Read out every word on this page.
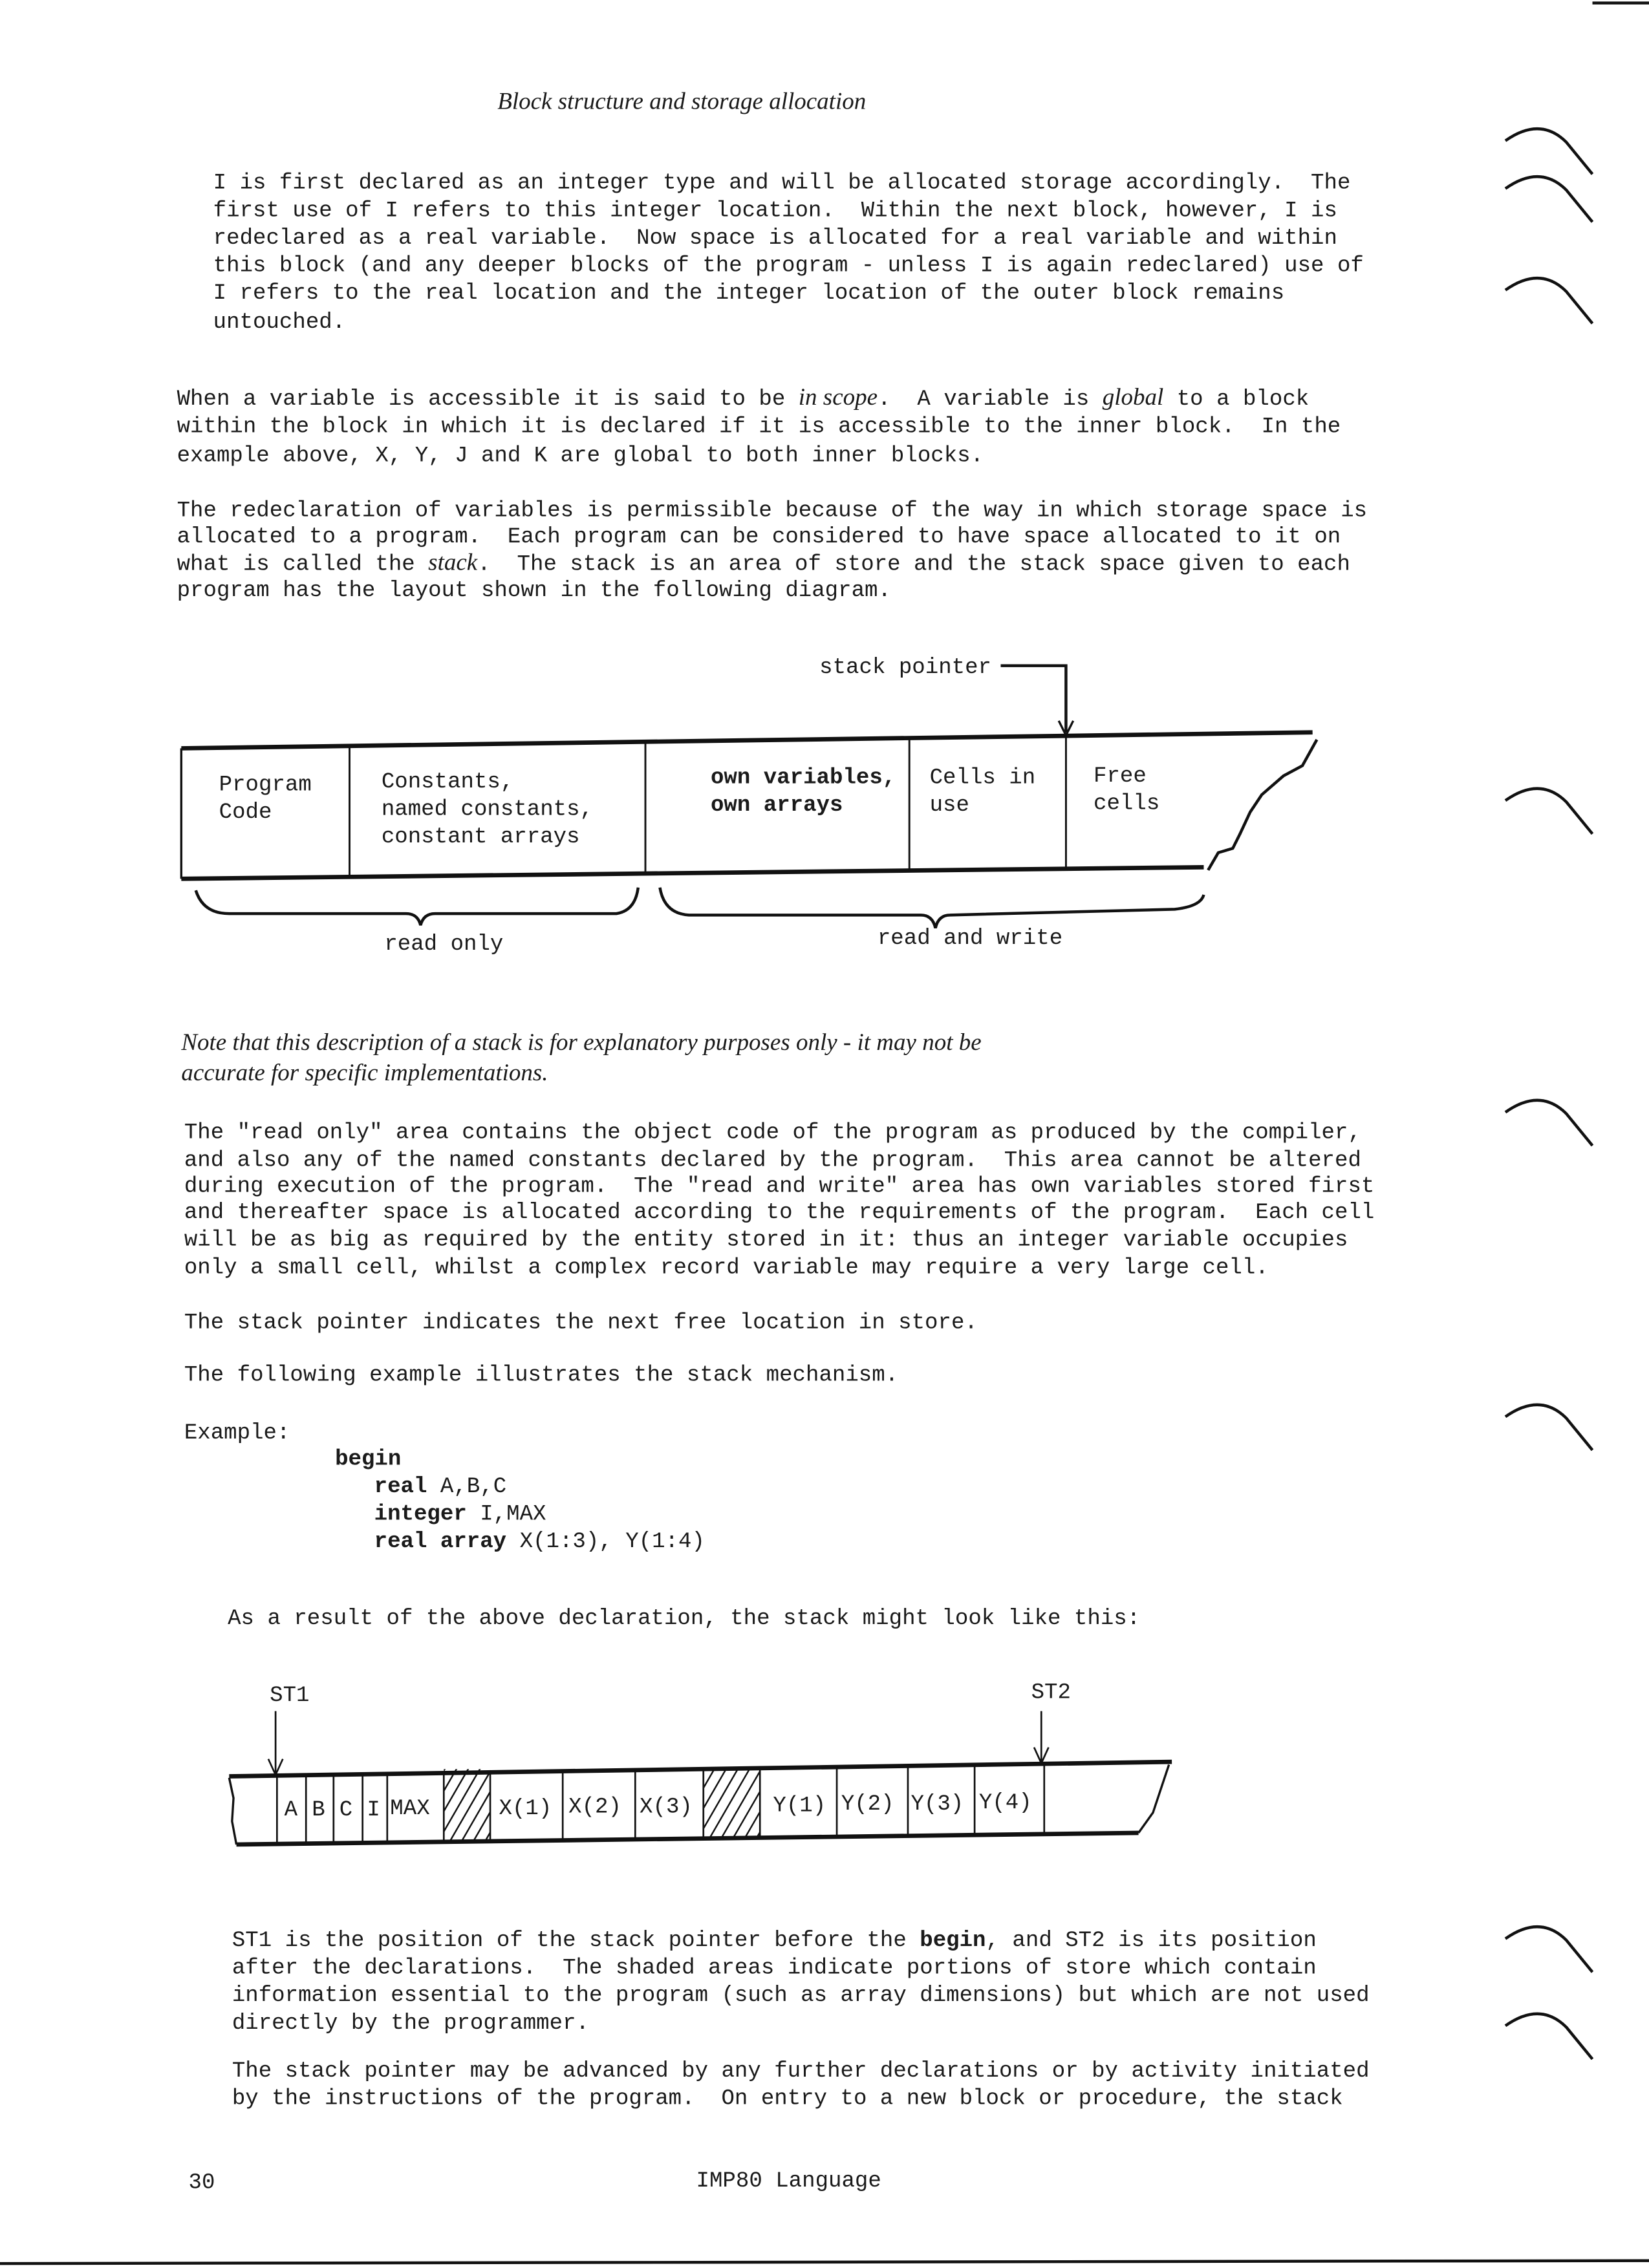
Block structure and storage allocation
I is first declared as an integer type and will be allocated storage accordingly.  The
first use of I refers to this integer location.  Within the next block, however, I is
redeclared as a real variable.  Now space is allocated for a real variable and within
this block (and any deeper blocks of the program - unless I is again redeclared) use of
I refers to the real location and the integer location of the outer block remains
untouched.
When a variable is accessible it is said to be in scope.  A variable is global to a block
within the block in which it is declared if it is accessible to the inner block.  In the
example above, X, Y, J and K are global to both inner blocks.
The redeclaration of variables is permissible because of the way in which storage space is
allocated to a program.  Each program can be considered to have space allocated to it on
what is called the stack.  The stack is an area of store and the stack space given to each
program has the layout shown in the following diagram.
stack pointer
Program
Code
Constants,
named constants,
constant arrays
own variables,
own arrays
Cells in
use
Free
cells
read only	read and write
Note that this description of a stack is for explanatory purposes only - it may not be
accurate for specific implementations.
The "read only" area contains the object code of the program as produced by the compiler,
and also any of the named constants declared by the program.  This area cannot be altered
during execution of the program.  The "read and write" area has own variables stored first
and thereafter space is allocated according to the requirements of the program.  Each cell
will be as big as required by the entity stored in it: thus an integer variable occupies
only a small cell, whilst a complex record variable may require a very large cell.
The stack pointer indicates the next free location in store.
The following example illustrates the stack mechanism.
Example:
begin
real A,B,C
integer I,MAX
real array X(1:3), Y(1:4)
As a result of the above declaration, the stack might look like this:
ST1	ST2
A B C I MAX	X(1) X(2) X(3)	Y(1) Y(2) Y(3) Y(4)
ST1 is the position of the stack pointer before the begin, and ST2 is its position
after the declarations.  The shaded areas indicate portions of store which contain
information essential to the program (such as array dimensions) but which are not used
directly by the programmer.
The stack pointer may be advanced by any further declarations or by activity initiated
by the instructions of the program.  On entry to a new block or procedure, the stack
30	IMP80 Language
